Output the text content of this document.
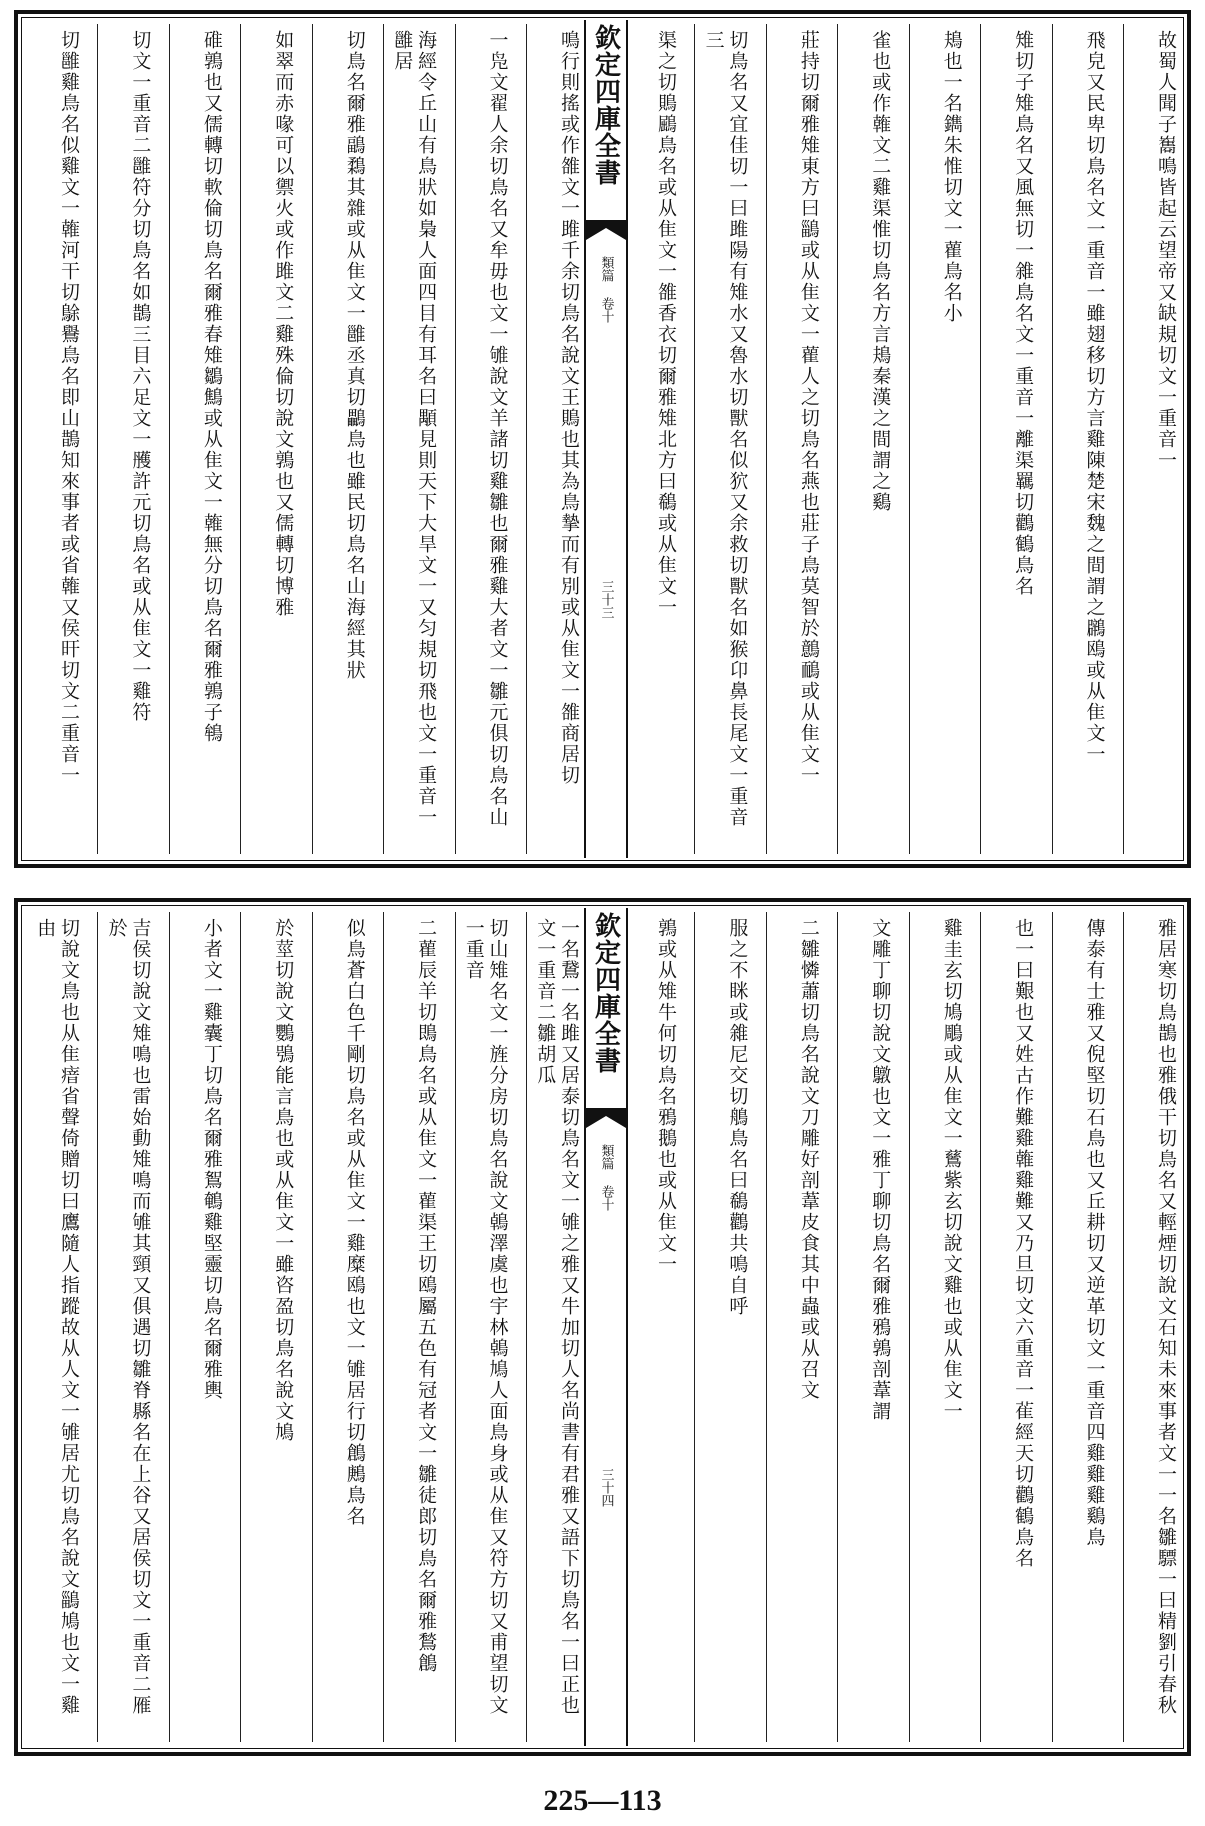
故蜀人聞子雟鳴皆起云望帝又缺規切文一重音一
飛皃又民卑切鳥名文一重音一雖翅移切方言雞陳楚宋魏之間謂之鸊鴎或从隹文一
雉切子雉鳥名又風無切一雓鳥名文一重音一離渠羈切鸛鶴鳥名
鳺也一名鐫朱惟切文一雚鳥名小
雀也或作雗文二雞渠惟切鳥名方言鳺秦漢之間謂之鷄
莊持切爾雅雉東方曰鶅或从隹文一雚人之切鳥名燕也莊子鳥莫智於鷾鴯或从隹文一
切鳥名又宜佳切一曰雎陽有雉水又魯水切獸名似狖又余救切獸名如猴卬鼻長尾文一重音三
渠之切鵙鶌鳥名或从隹文一雒香衣切爾雅雉北方曰鵗或从隹文一
欽定四庫全書
類篇 卷十
三十三
鳴行則搖或作雒文一雎千余切鳥名說文王鵙也其為鳥摯而有別或从隹文一雒商居切
一凫文翟人余切鳥名又牟毋也文一雊說文羊諸切雞雛也爾雅雞大者文一雛元俱切鳥名山
海經令丘山有鳥狀如梟人面四目有耳名曰顒見則天下大旱文一又匀規切飛也文一重音一雝居
切鳥名爾雅鶝鶔其雜或从隹文一雝丞真切鸓鳥也雖民切鳥名山海經其狀
如翠而赤喙可以禦火或作雎文二雞殊倫切說文鶉也又儒轉切博雅
碓鶉也又儒轉切軟倫切鳥名爾雅春雉鶵鷦或从隹文一雗無分切鳥名爾雅鶉子鴾
切文一重音二雝符分切鳥名如鵲三目六足文一雘許元切鳥名或从隹文一雞符
切雝雞鳥名似雞文一雗河干切鵌鸒鳥名即山鵲知來事者或省雗又侯旰切文二重音一
雅居寒切鳥鵲也雅俄干切鳥名又輕煙切說文石知未來事者文一一名雛驃一曰精劉引春秋
傳泰有士雅又倪堅切石鳥也又丘耕切又逆革切文一重音四雞雞雞鷄鳥
也一曰艱也又姓古作難雞雗雞難又乃旦切文六重音一雈經天切鸛鶴鳥名
雞圭玄切鳩鵰或从隹文一鶿紫玄切說文雞也或从隹文一
文雕丁聊切說文鷻也文一雅丁聊切鳥名爾雅鴉鶉剖葦謂
二雛憐蕭切鳥名說文刀雕好剖葦皮食其中蟲或从召文
服之不眯或雓尼交切鵃鳥名曰鵗鸛共鳴自呼
鶉或从雉牛何切鳥名鴉鵝也或从隹文一
欽定四庫全書
類篇 卷十
三十四
一名鵞一名雎又居泰切鳥名文一雊之雅又牛加切人名尚書有君雅又語下切鳥名一曰正也文一重音二雛胡瓜
切山雉名文一旌分房切鳥名說文鵫澤虞也宇林鵫鳩人面鳥身或从隹又符方切又甫望切文一重音
二雚辰羊切鵖鳥名或从隹文一雚渠王切鴎屬五色有冠者文一雛徒郎切鳥名爾雅鶖鶬
似鳥蒼白色千剛切鳥名或从隹文一雞糜鴎也文一雊居行切鶬鶊鳥名
於莖切說文鸚鴞能言鳥也或从隹文一雖咨盈切鳥名說文鳩
小者文一雞囊丁切鳥名爾雅鴽鵪雞堅靈切鳥名爾雅輿
吉侯切說文雉鳴也雷始動雉鳴而雊其頸又俱遇切雛脊縣名在上谷又居侯切文一重音二雁於
切說文鳥也从隹瘖省聲倚贈切曰鷹隨人指蹤故从人文一雊居尤切鳥名說文鶅鳩也文一雞由
225—113
